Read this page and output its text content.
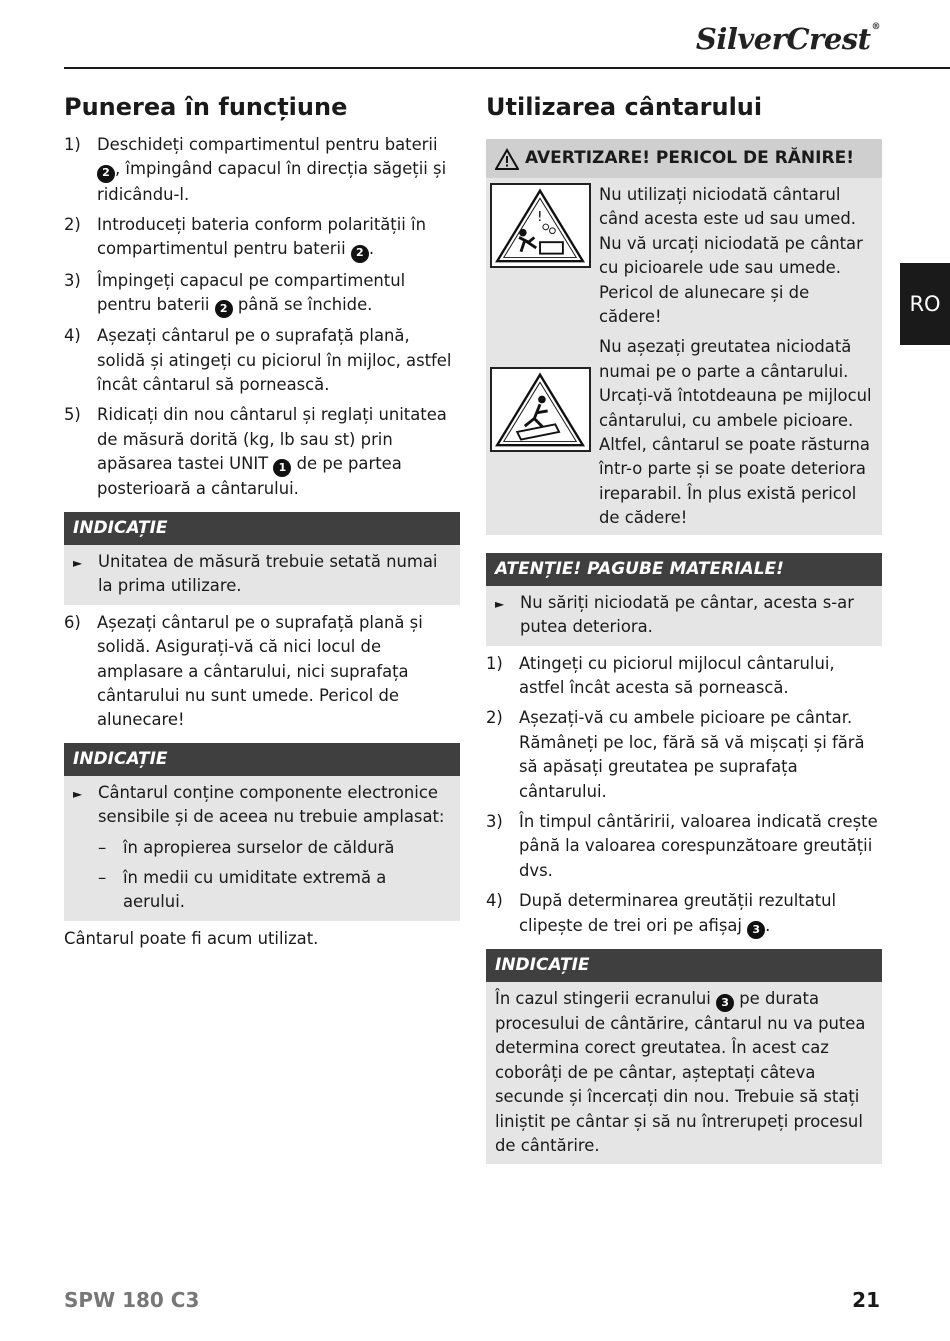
SilverCrest®
RO
Punerea în funcțiune
1) Deschideți compartimentul pentru baterii 2 , împingând capacul în direcția săgeții și ridicându-l.
2) Introduceți bateria conform polarității în compartimentul pentru baterii 2 .
3) Împingeți capacul pe compartimentul pentru baterii 2 până se închide.
4) Așezați cântarul pe o suprafață plană, solidă și atingeți cu piciorul în mijloc, astfel încât cântarul să pornească.
5) Ridicați din nou cântarul și reglați unitatea de măsură dorită (kg, lb sau st) prin apăsarea tastei UNIT 1 de pe partea posterioară a cântarului.
INDICAȚIE
► Unitatea de măsură trebuie setată numai la prima utilizare.
6) Așezați cântarul pe o suprafață plană și solidă. Asigurați-vă că nici locul de amplasare a cântarului, nici suprafața cântarului nu sunt umede. Pericol de alunecare!
INDICAȚIE
► Cântarul conține componente electronice sensibile și de aceea nu trebuie amplasat:
–	în apropierea surselor de căldură
–	în medii cu umiditate extremă a aerului.
Cântarul poate fi acum utilizat.
Utilizarea cântarului
AVERTIZARE! PERICOL DE RĂNIRE!
!
Nu utilizați niciodată cântarul când acesta este ud sau umed. Nu vă urcați niciodată pe cântar cu picioarele ude sau umede. Pericol de alunecare și de cădere!
Nu așezați greutatea niciodată numai pe o parte a cântarului. Urcați-vă întotdeauna pe mijlocul cântarului, cu ambele picioare. Altfel, cântarul se poate răsturna într-o parte și se poate deteriora ireparabil. În plus există pericol de cădere!
ATENȚIE! PAGUBE MATERIALE!
► Nu săriți niciodată pe cântar, acesta s-ar putea deteriora.
1) Atingeți cu piciorul mijlocul cântarului, astfel încât acesta să pornească.
2) Așezați-vă cu ambele picioare pe cântar. Rămâneți pe loc, fără să vă mișcați și fără să apăsați greutatea pe suprafața cântarului.
3) În timpul cântăririi, valoarea indicată crește până la valoarea corespunzătoare greutății dvs.
4) După determinarea greutății rezultatul clipește de trei ori pe afișaj 3 .
INDICAȚIE
În cazul stingerii ecranului 3 pe durata procesului de cântărire, cântarul nu va putea determina corect greutatea. În acest caz coborâți de pe cântar, așteptați câteva secunde și încercați din nou. Trebuie să stați liniștit pe cântar și să nu întrerupeți procesul de cântărire.
SPW 180 C3	21
